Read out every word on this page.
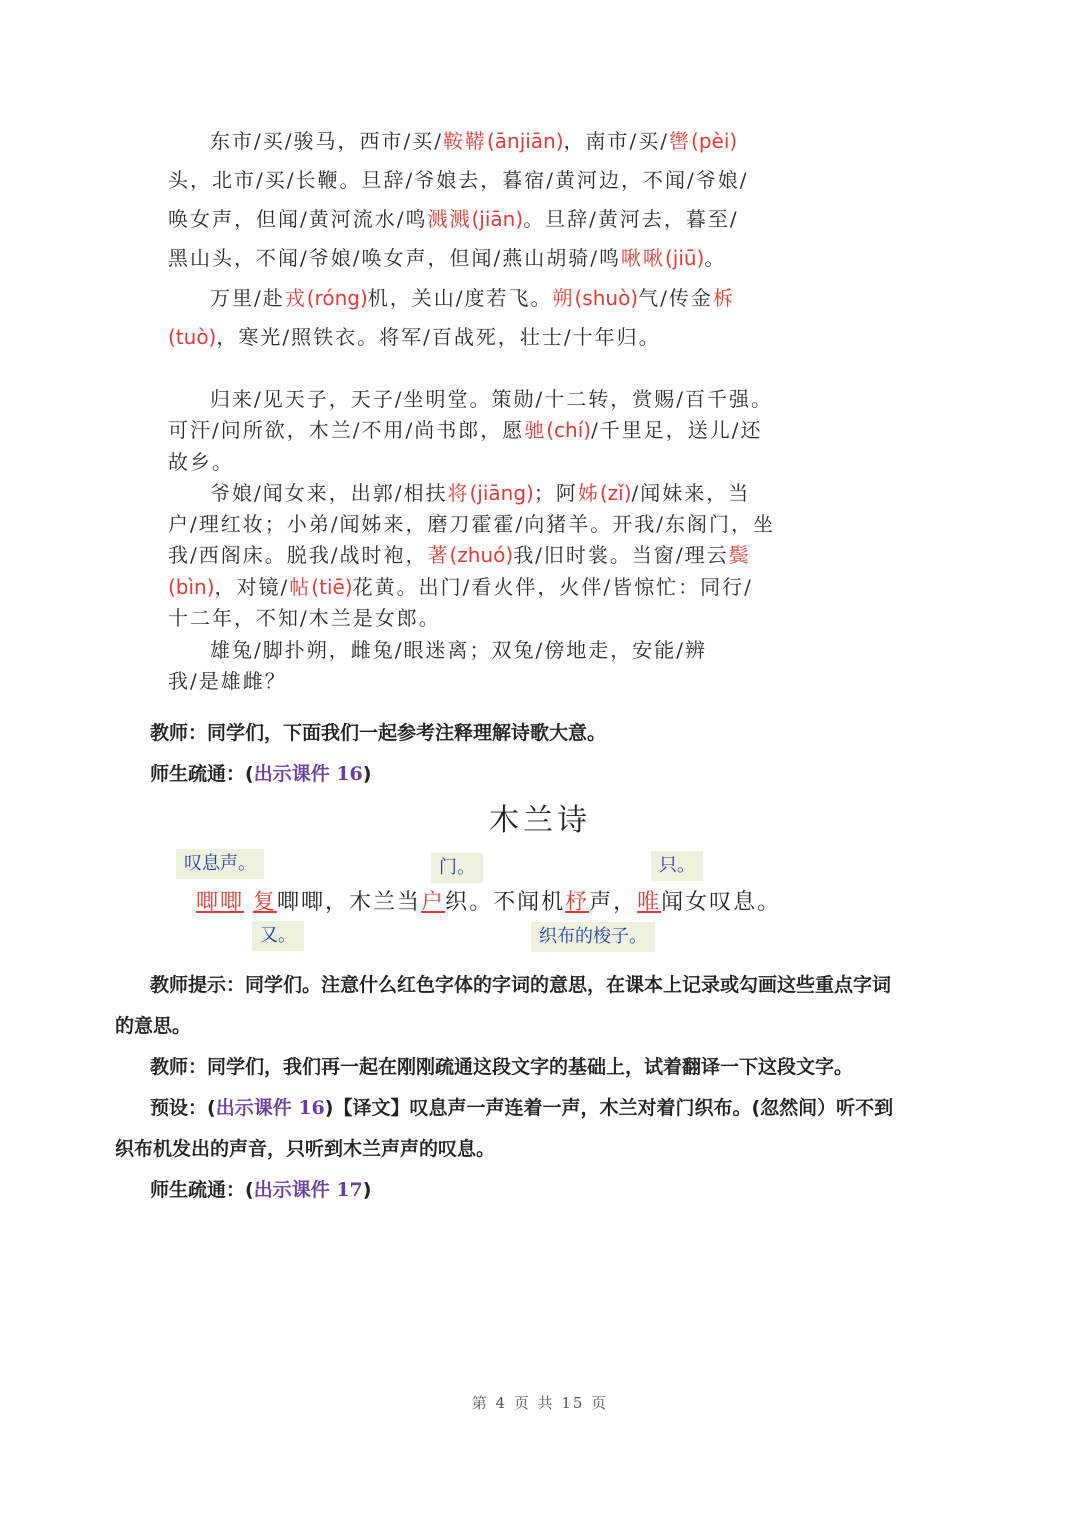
东市/买/骏马，西市/买/鞍鞯(ānjiān)，南市/买/辔(pèi)
头，北市/买/长鞭。旦辞/爷娘去，暮宿/黄河边，不闻/爷娘/
唤女声，但闻/黄河流水/鸣溅溅(jiān)。旦辞/黄河去，暮至/
黑山头，不闻/爷娘/唤女声，但闻/燕山胡骑/鸣啾啾(jiū)。
万里/赴戎(róng)机，关山/度若飞。朔(shuò)气/传金柝
(tuò)，寒光/照铁衣。将军/百战死，壮士/十年归。
归来/见天子，天子/坐明堂。策勋/十二转，赏赐/百千强。
可汗/问所欲，木兰/不用/尚书郎，愿驰(chí)/千里足，送儿/还
故乡。
爷娘/闻女来，出郭/相扶将(jiāng)；阿姊(zǐ)/闻妹来，当
户/理红妆；小弟/闻姊来，磨刀霍霍/向猪羊。开我/东阁门，坐
我/西阁床。脱我/战时袍，著(zhuó)我/旧时裳。当窗/理云鬓
(bìn)，对镜/帖(tiē)花黄。出门/看火伴，火伴/皆惊忙：同行/
十二年，不知/木兰是女郎。
雄兔/脚扑朔，雌兔/眼迷离；双兔/傍地走，安能/辨
我/是雄雌？
教师：同学们，下面我们一起参考注释理解诗歌大意。
师生疏通：(出示课件 16)
木兰诗
叹息声。	门。	只。
唧唧 复唧唧，木兰当户织。不闻机杼声，唯闻女叹息。
又。	织布的梭子。
教师提示：同学们。注意什么红色字体的字词的意思，在课本上记录或勾画这些重点字词
的意思。
教师：同学们，我们再一起在刚刚疏通这段文字的基础上，试着翻译一下这段文字。
预设：(出示课件 16)【译文】叹息声一声连着一声，木兰对着门织布。(忽然间）听不到
织布机发出的声音，只听到木兰声声的叹息。
师生疏通：(出示课件 17)
第 4 页 共 15 页
